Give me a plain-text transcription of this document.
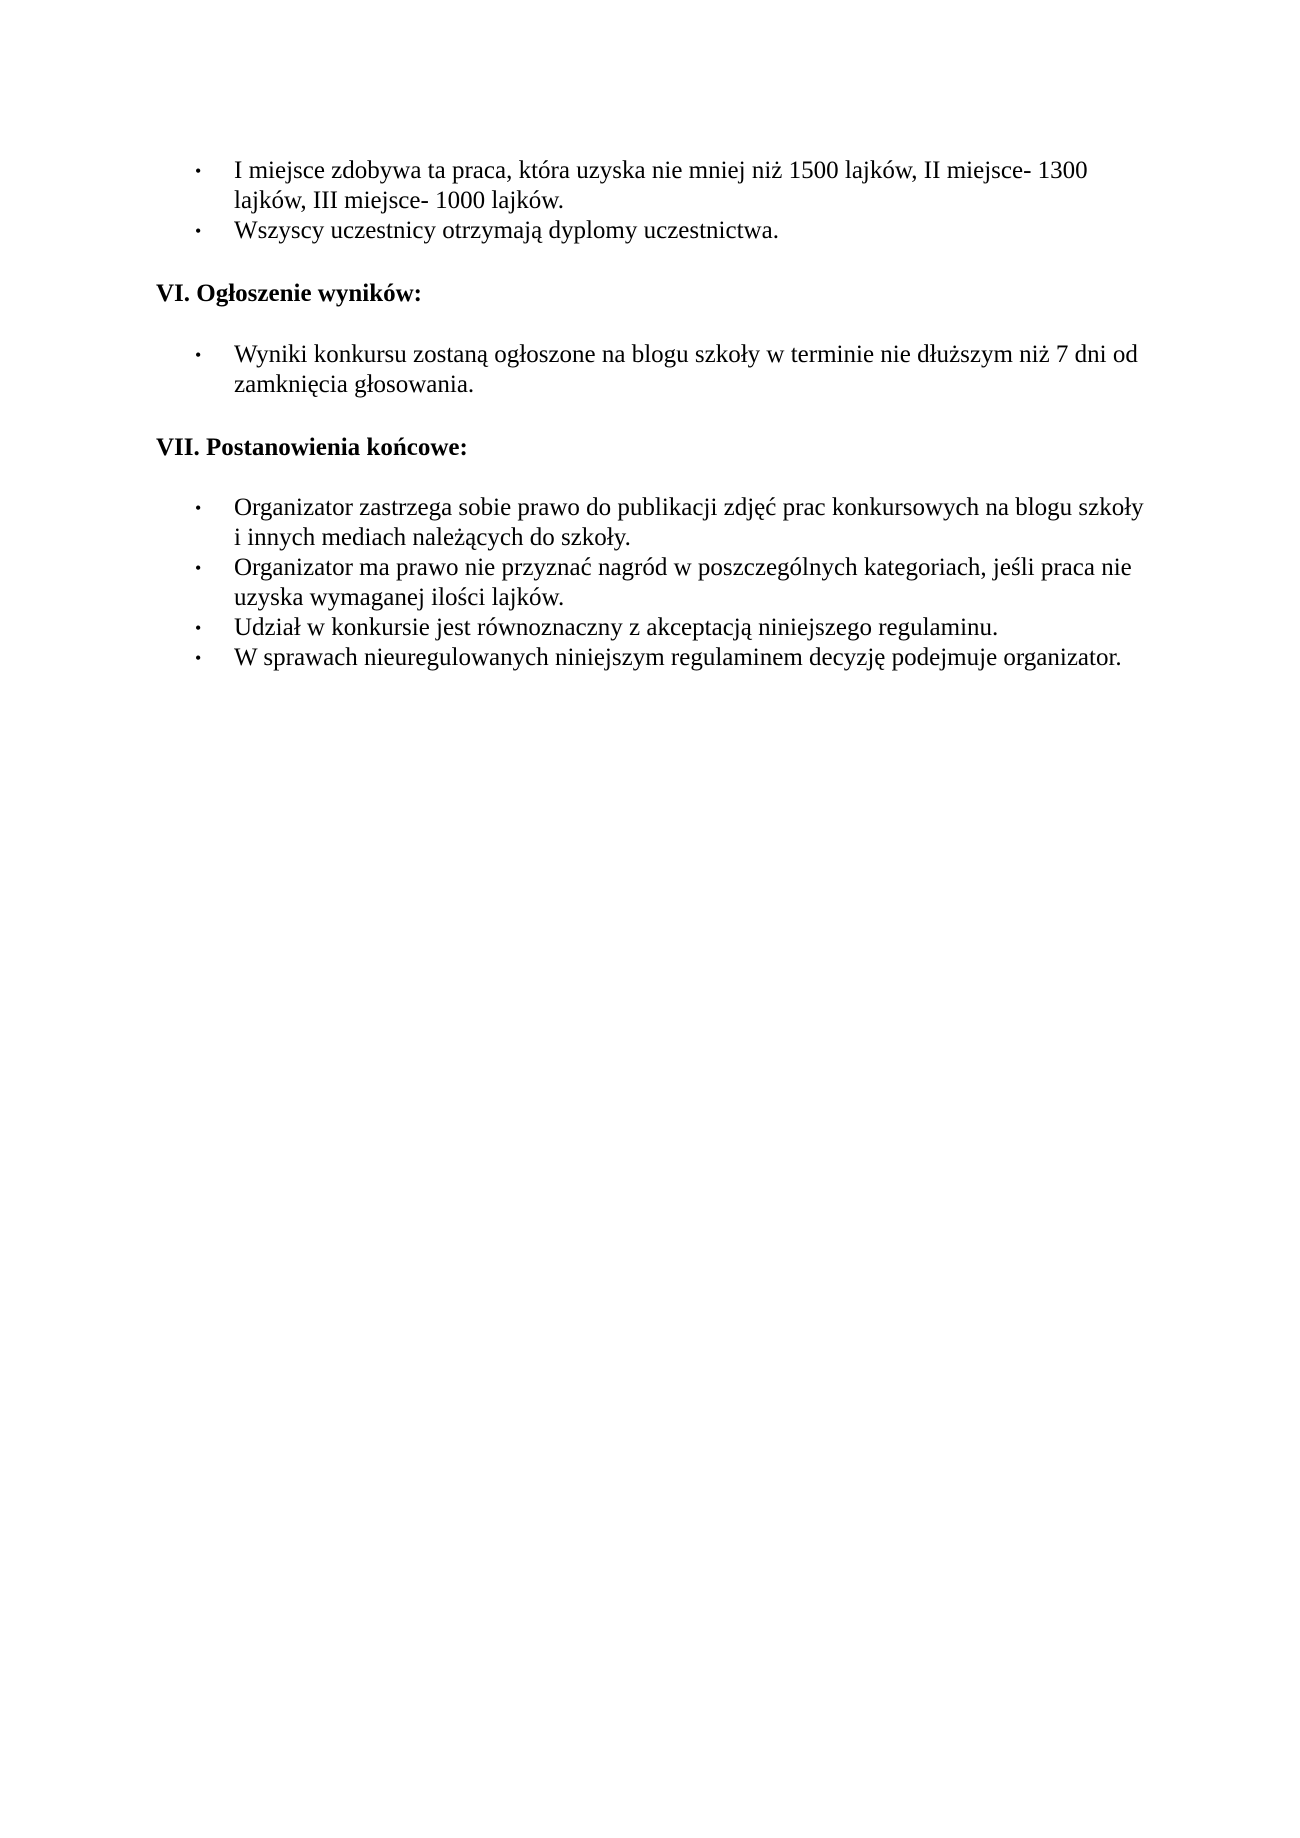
• I miejsce zdobywa ta praca, która uzyska nie mniej niż 1500 lajków, II miejsce- 1300 lajków, III miejsce- 1000 lajków.
• Wszyscy uczestnicy otrzymają dyplomy uczestnictwa.
VI. Ogłoszenie wyników:
• Wyniki konkursu zostaną ogłoszone na blogu szkoły w terminie nie dłuższym niż 7 dni od zamknięcia głosowania.
VII. Postanowienia końcowe:
• Organizator zastrzega sobie prawo do publikacji zdjęć prac konkursowych na blogu szkoły i innych mediach należących do szkoły.
• Organizator ma prawo nie przyznać nagród w poszczególnych kategoriach, jeśli praca nie uzyska wymaganej ilości lajków.
• Udział w konkursie jest równoznaczny z akceptacją niniejszego regulaminu.
• W sprawach nieuregulowanych niniejszym regulaminem decyzję podejmuje organizator.
